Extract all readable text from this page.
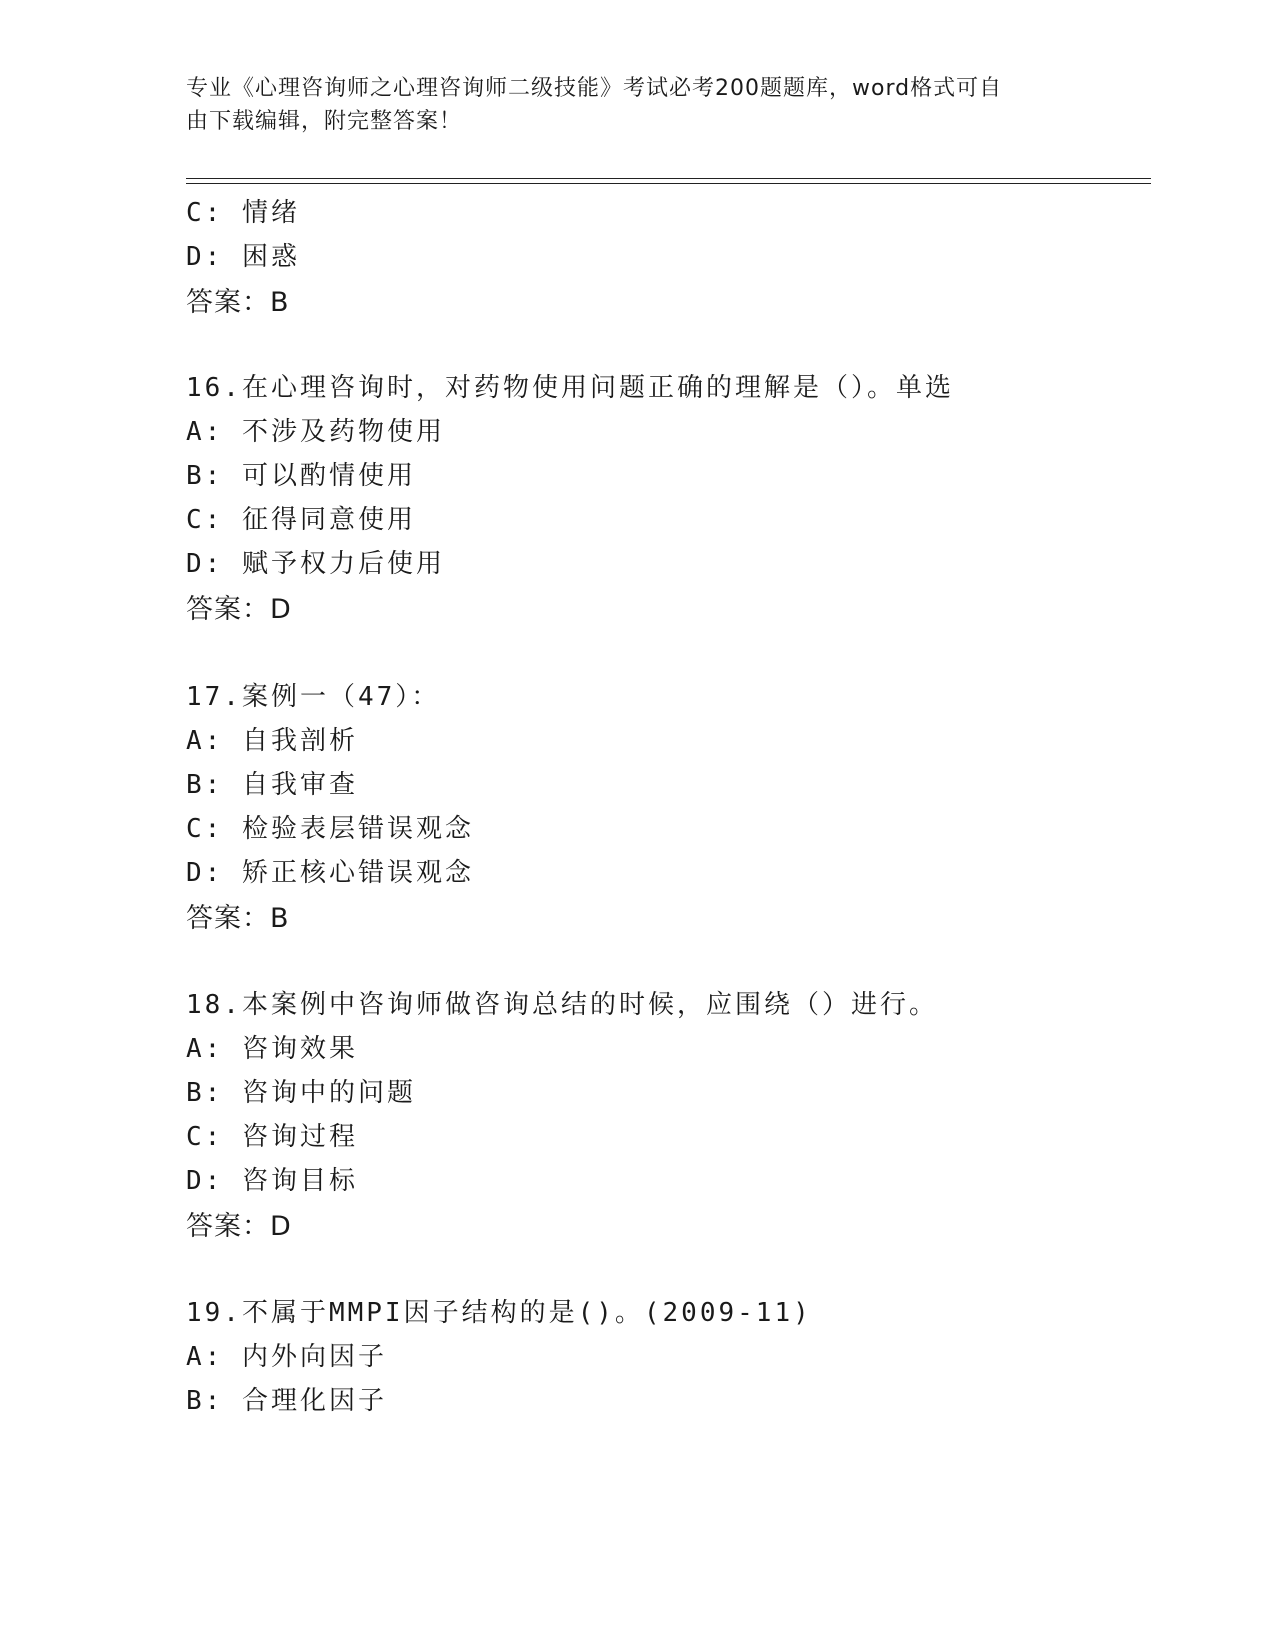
专业《心理咨询师之心理咨询师二级技能》考试必考200题题库，word格式可自
由下载编辑，附完整答案！
C: 情绪
D: 困惑
答案：B
16.在心理咨询时，对药物使用问题正确的理解是（）。单选
A: 不涉及药物使用
B: 可以酌情使用
C: 征得同意使用
D: 赋予权力后使用
答案：D
17.案例一（47）：
A: 自我剖析
B: 自我审查
C: 检验表层错误观念
D: 矫正核心错误观念
答案：B
18.本案例中咨询师做咨询总结的时候，应围绕（）进行。
A: 咨询效果
B: 咨询中的问题
C: 咨询过程
D: 咨询目标
答案：D
19.不属于MMPI因子结构的是()。(2009-11)
A: 内外向因子
B: 合理化因子
